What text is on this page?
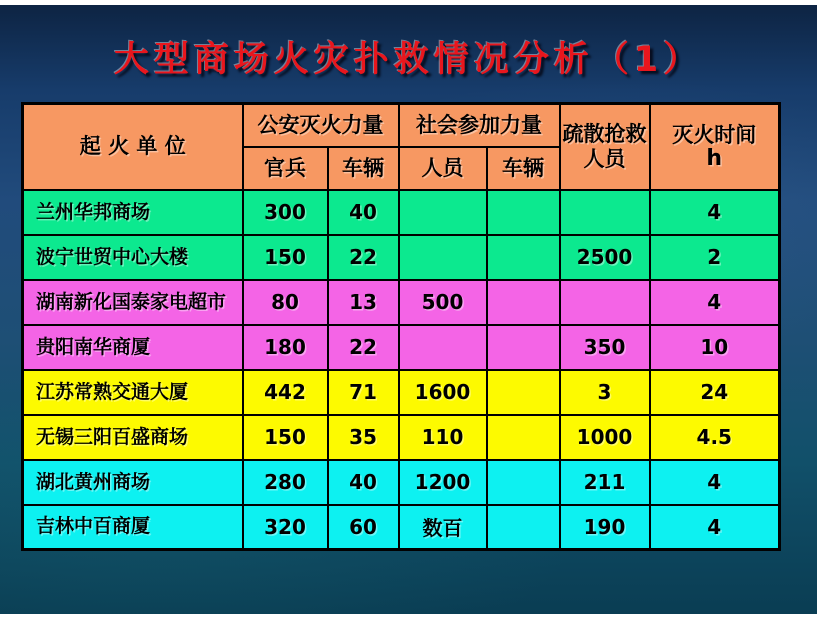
大型商场火灾扑救情况分析（1）
起 火 单 位	公安灭火力量		社会参加力量		疏散抢救人员	灭火时间
h

	官兵	车辆	人员	车辆		
兰州华邦商场	300	40				4
波宁世贸中心大楼	150	22			2500	2
湖南新化国泰家电超市	80	13	500			4
贵阳南华商厦	180	22			350	10
江苏常熟交通大厦	442	71	1600		3	24
无锡三阳百盛商场	150	35	110		1000	4.5
湖北黄州商场	280	40	1200		211	4
吉林中百商厦	320	60	数百		190	4
